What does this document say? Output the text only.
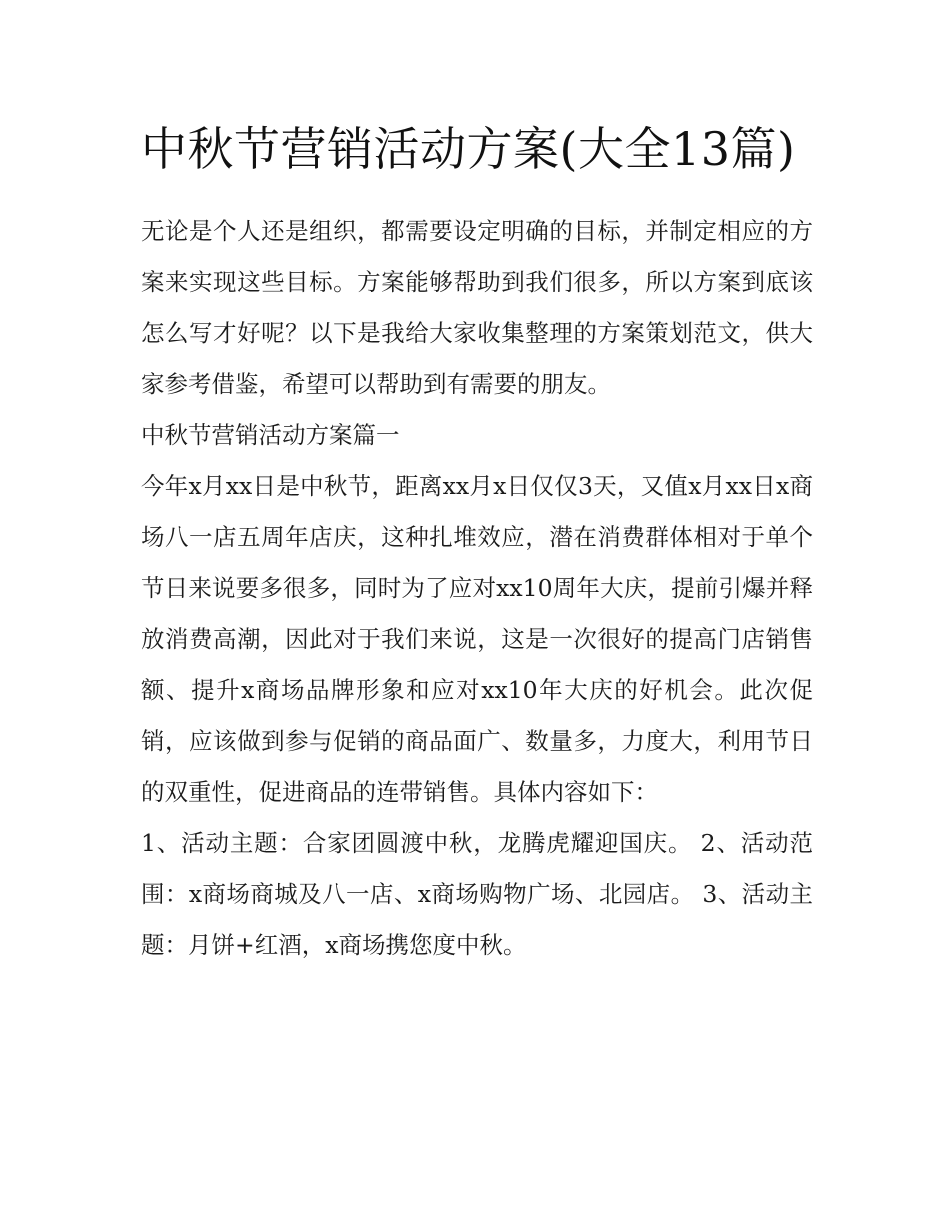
中秋节营销活动方案(大全13篇)

无论是个人还是组织，都需要设定明确的目标，并制定相应的方案来实现这些目标。方案能够帮助到我们很多，所以方案到底该怎么写才好呢？以下是我给大家收集整理的方案策划范文，供大家参考借鉴，希望可以帮助到有需要的朋友。

中秋节营销活动方案篇一

今年x月xx日是中秋节，距离xx月x日仅仅3天，又值x月xx日x商场八一店五周年店庆，这种扎堆效应，潜在消费群体相对于单个节日来说要多很多，同时为了应对xx10周年大庆，提前引爆并释放消费高潮，因此对于我们来说，这是一次很好的提高门店销售额、提升x商场品牌形象和应对xx10年大庆的好机会。此次促销，应该做到参与促销的商品面广、数量多，力度大，利用节日的双重性，促进商品的连带销售。具体内容如下：

1、活动主题：合家团圆渡中秋，龙腾虎耀迎国庆。 2、活动范围：x商场商城及八一店、x商场购物广场、北园店。 3、活动主题：月饼+红酒，x商场携您度中秋。
